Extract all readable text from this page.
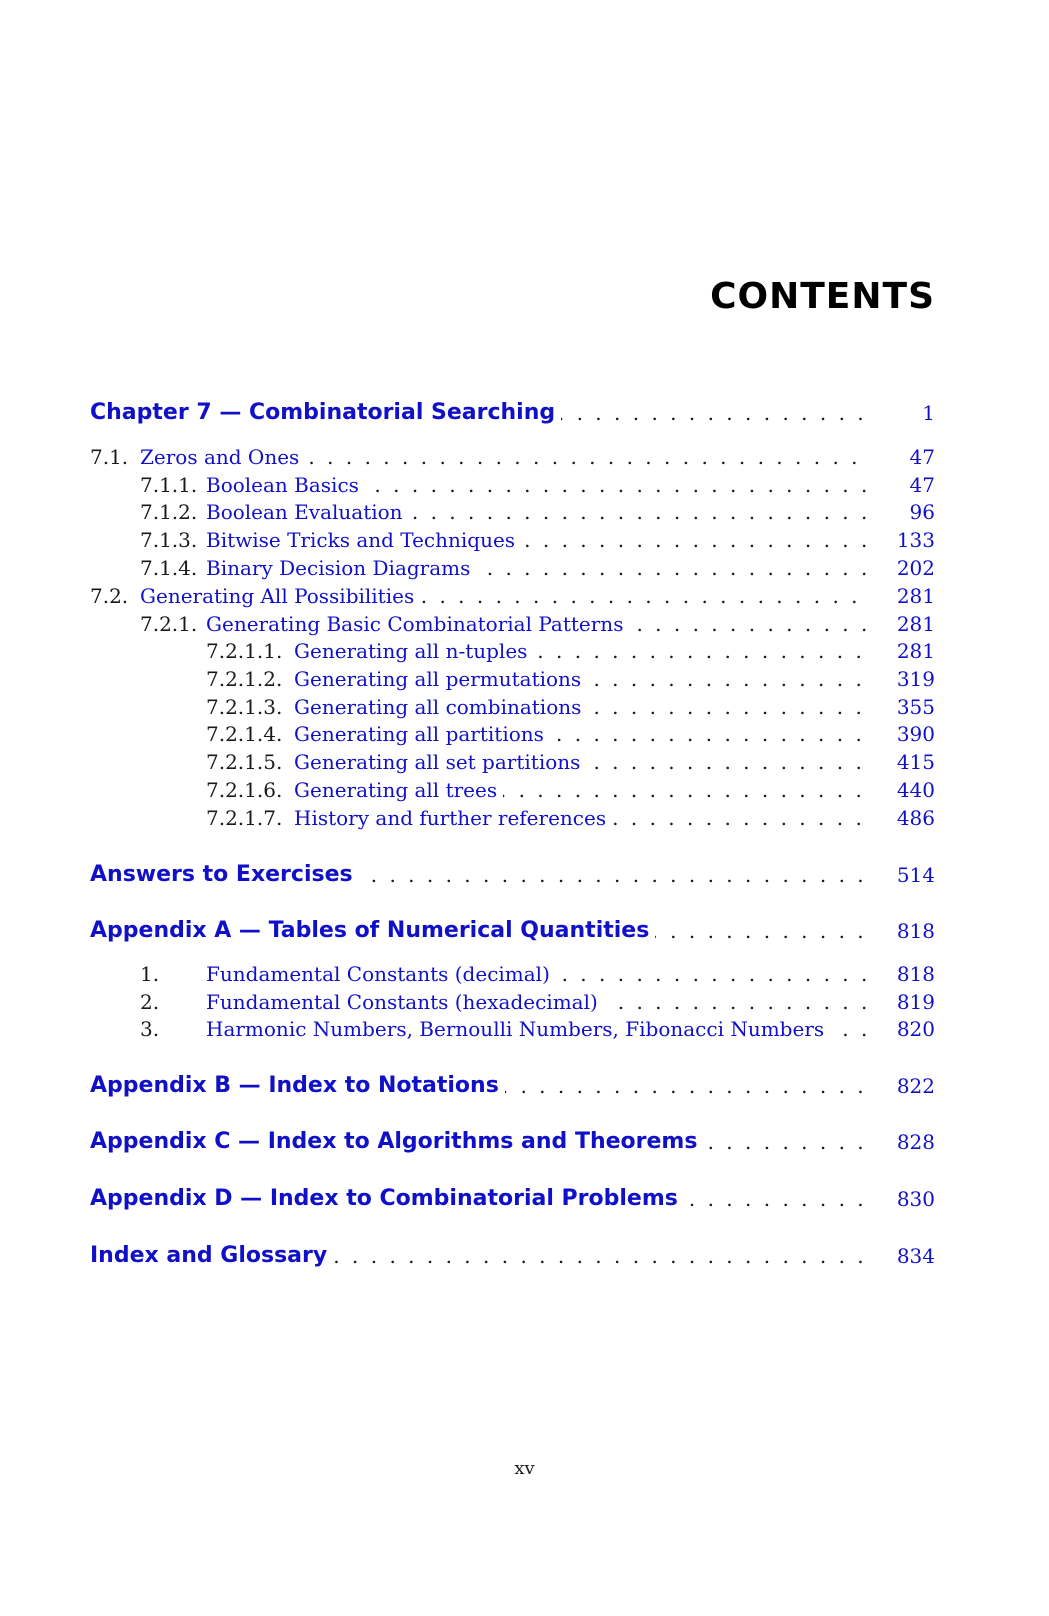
CONTENTS
. . .
Chapter 7 — Combinatorial Searching	1
. . .
7.1. Zeros and Ones	47
. . .
7.1.1. Boolean Basics	47
. . .
7.1.2. Boolean Evaluation	96
. . .
7.1.3. Bitwise Tricks and Techniques	133
. . .
7.1.4. Binary Decision Diagrams	202
. . .
7.2. Generating All Possibilities	281
. . .
7.2.1. Generating Basic Combinatorial Patterns	281
. . .
7.2.1.1. Generating all n-tuples	281
. . .
7.2.1.2. Generating all permutations	319
. . .
7.2.1.3. Generating all combinations	355
. . .
7.2.1.4. Generating all partitions	390
. . .
7.2.1.5. Generating all set partitions	415
. . .
7.2.1.6. Generating all trees	440
. . .
7.2.1.7. History and further references	486
. . .
Answers to Exercises	514
. . .
Appendix A — Tables of Numerical Quantities	818
. . .
1. Fundamental Constants (decimal)	818
. . .
2. Fundamental Constants (hexadecimal)	819
. . .
3. Harmonic Numbers, Bernoulli Numbers, Fibonacci Numbers	820
. . .
Appendix B — Index to Notations	822
. . .
Appendix C — Index to Algorithms and Theorems	828
. . .
Appendix D — Index to Combinatorial Problems	830
. . .
Index and Glossary	834
xv
